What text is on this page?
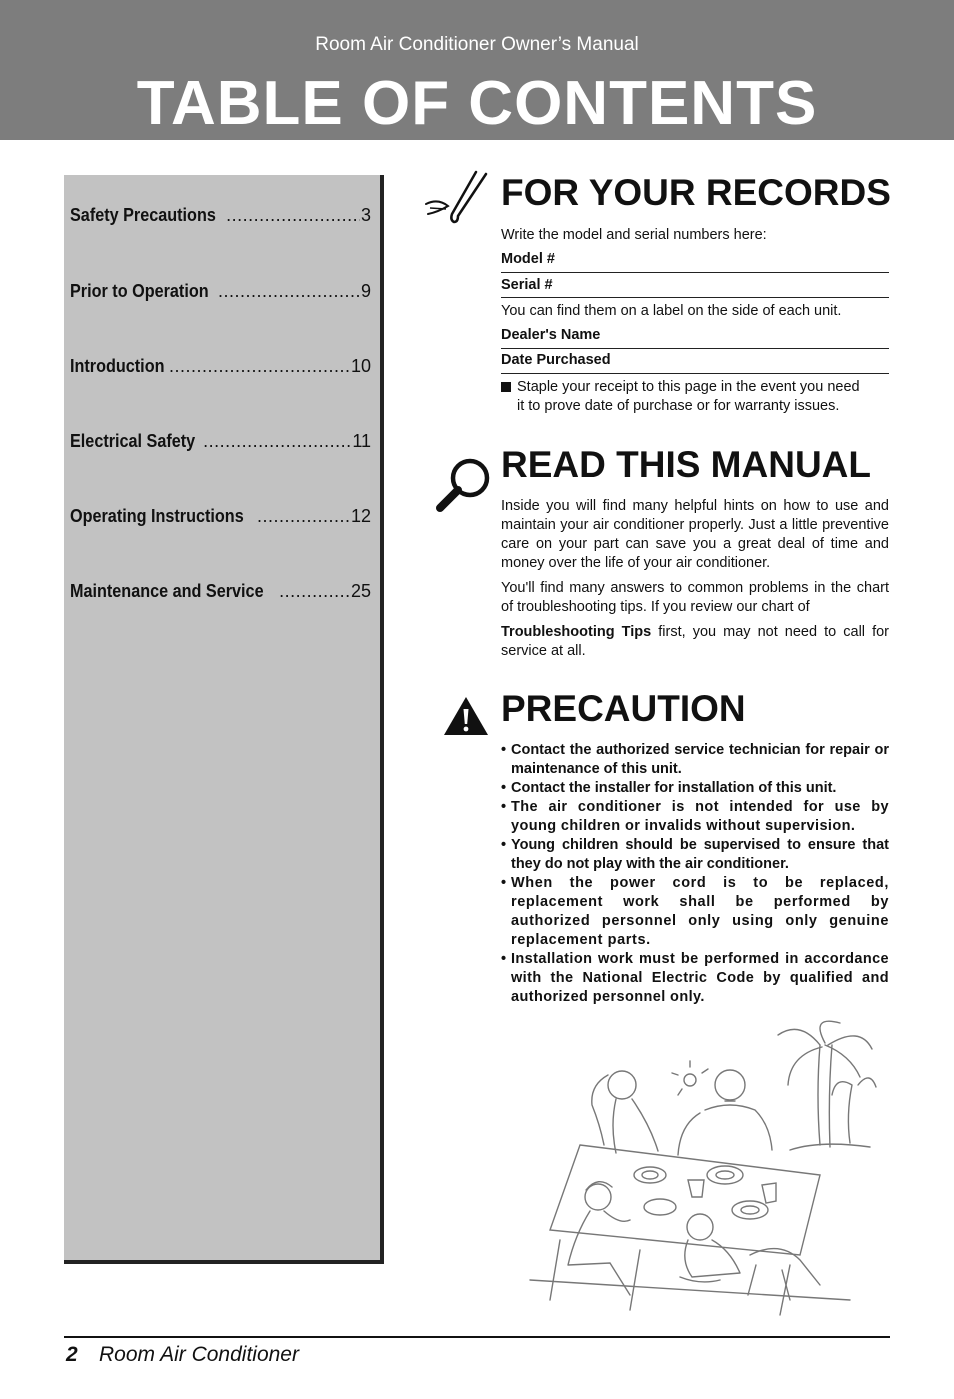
Room Air Conditioner Owner’s Manual
TABLE OF CONTENTS
Safety Precautions .....	3
Prior to Operation .....	9
Introduction .....	10
Electrical Safety .....	11
Operating Instructions .....	12
Maintenance and Service .....	25
FOR YOUR RECORDS
Write the model and serial numbers here:
Model #
Serial #
You can find them on a label on the side of each unit.
Dealer's Name
Date Purchased
Staple your receipt to this page in the event you need
it to prove date of purchase or for warranty issues.
READ THIS MANUAL
Inside you will find many helpful hints on how to use and maintain your air conditioner properly. Just a little preventive care on your part can save you a great deal of time and money over the life of your air conditioner.
You'll find many answers to common problems in the chart of troubleshooting tips. If you review our chart of
Troubleshooting Tips first, you may not need to call for service at all.
PRECAUTION
• Contact the authorized service technician for repair or maintenance of this unit.
• Contact the installer for installation of this unit.
• The air conditioner is not intended for use by young children or invalids without supervision.
• Young children should be supervised to ensure that they do not play with the air conditioner.
• When the power cord is to be replaced, replacement work shall be performed by authorized personnel only using only genuine replacement parts.
• Installation work must be performed in accordance with the National Electric Code by qualified and authorized personnel only.
2 Room Air Conditioner
